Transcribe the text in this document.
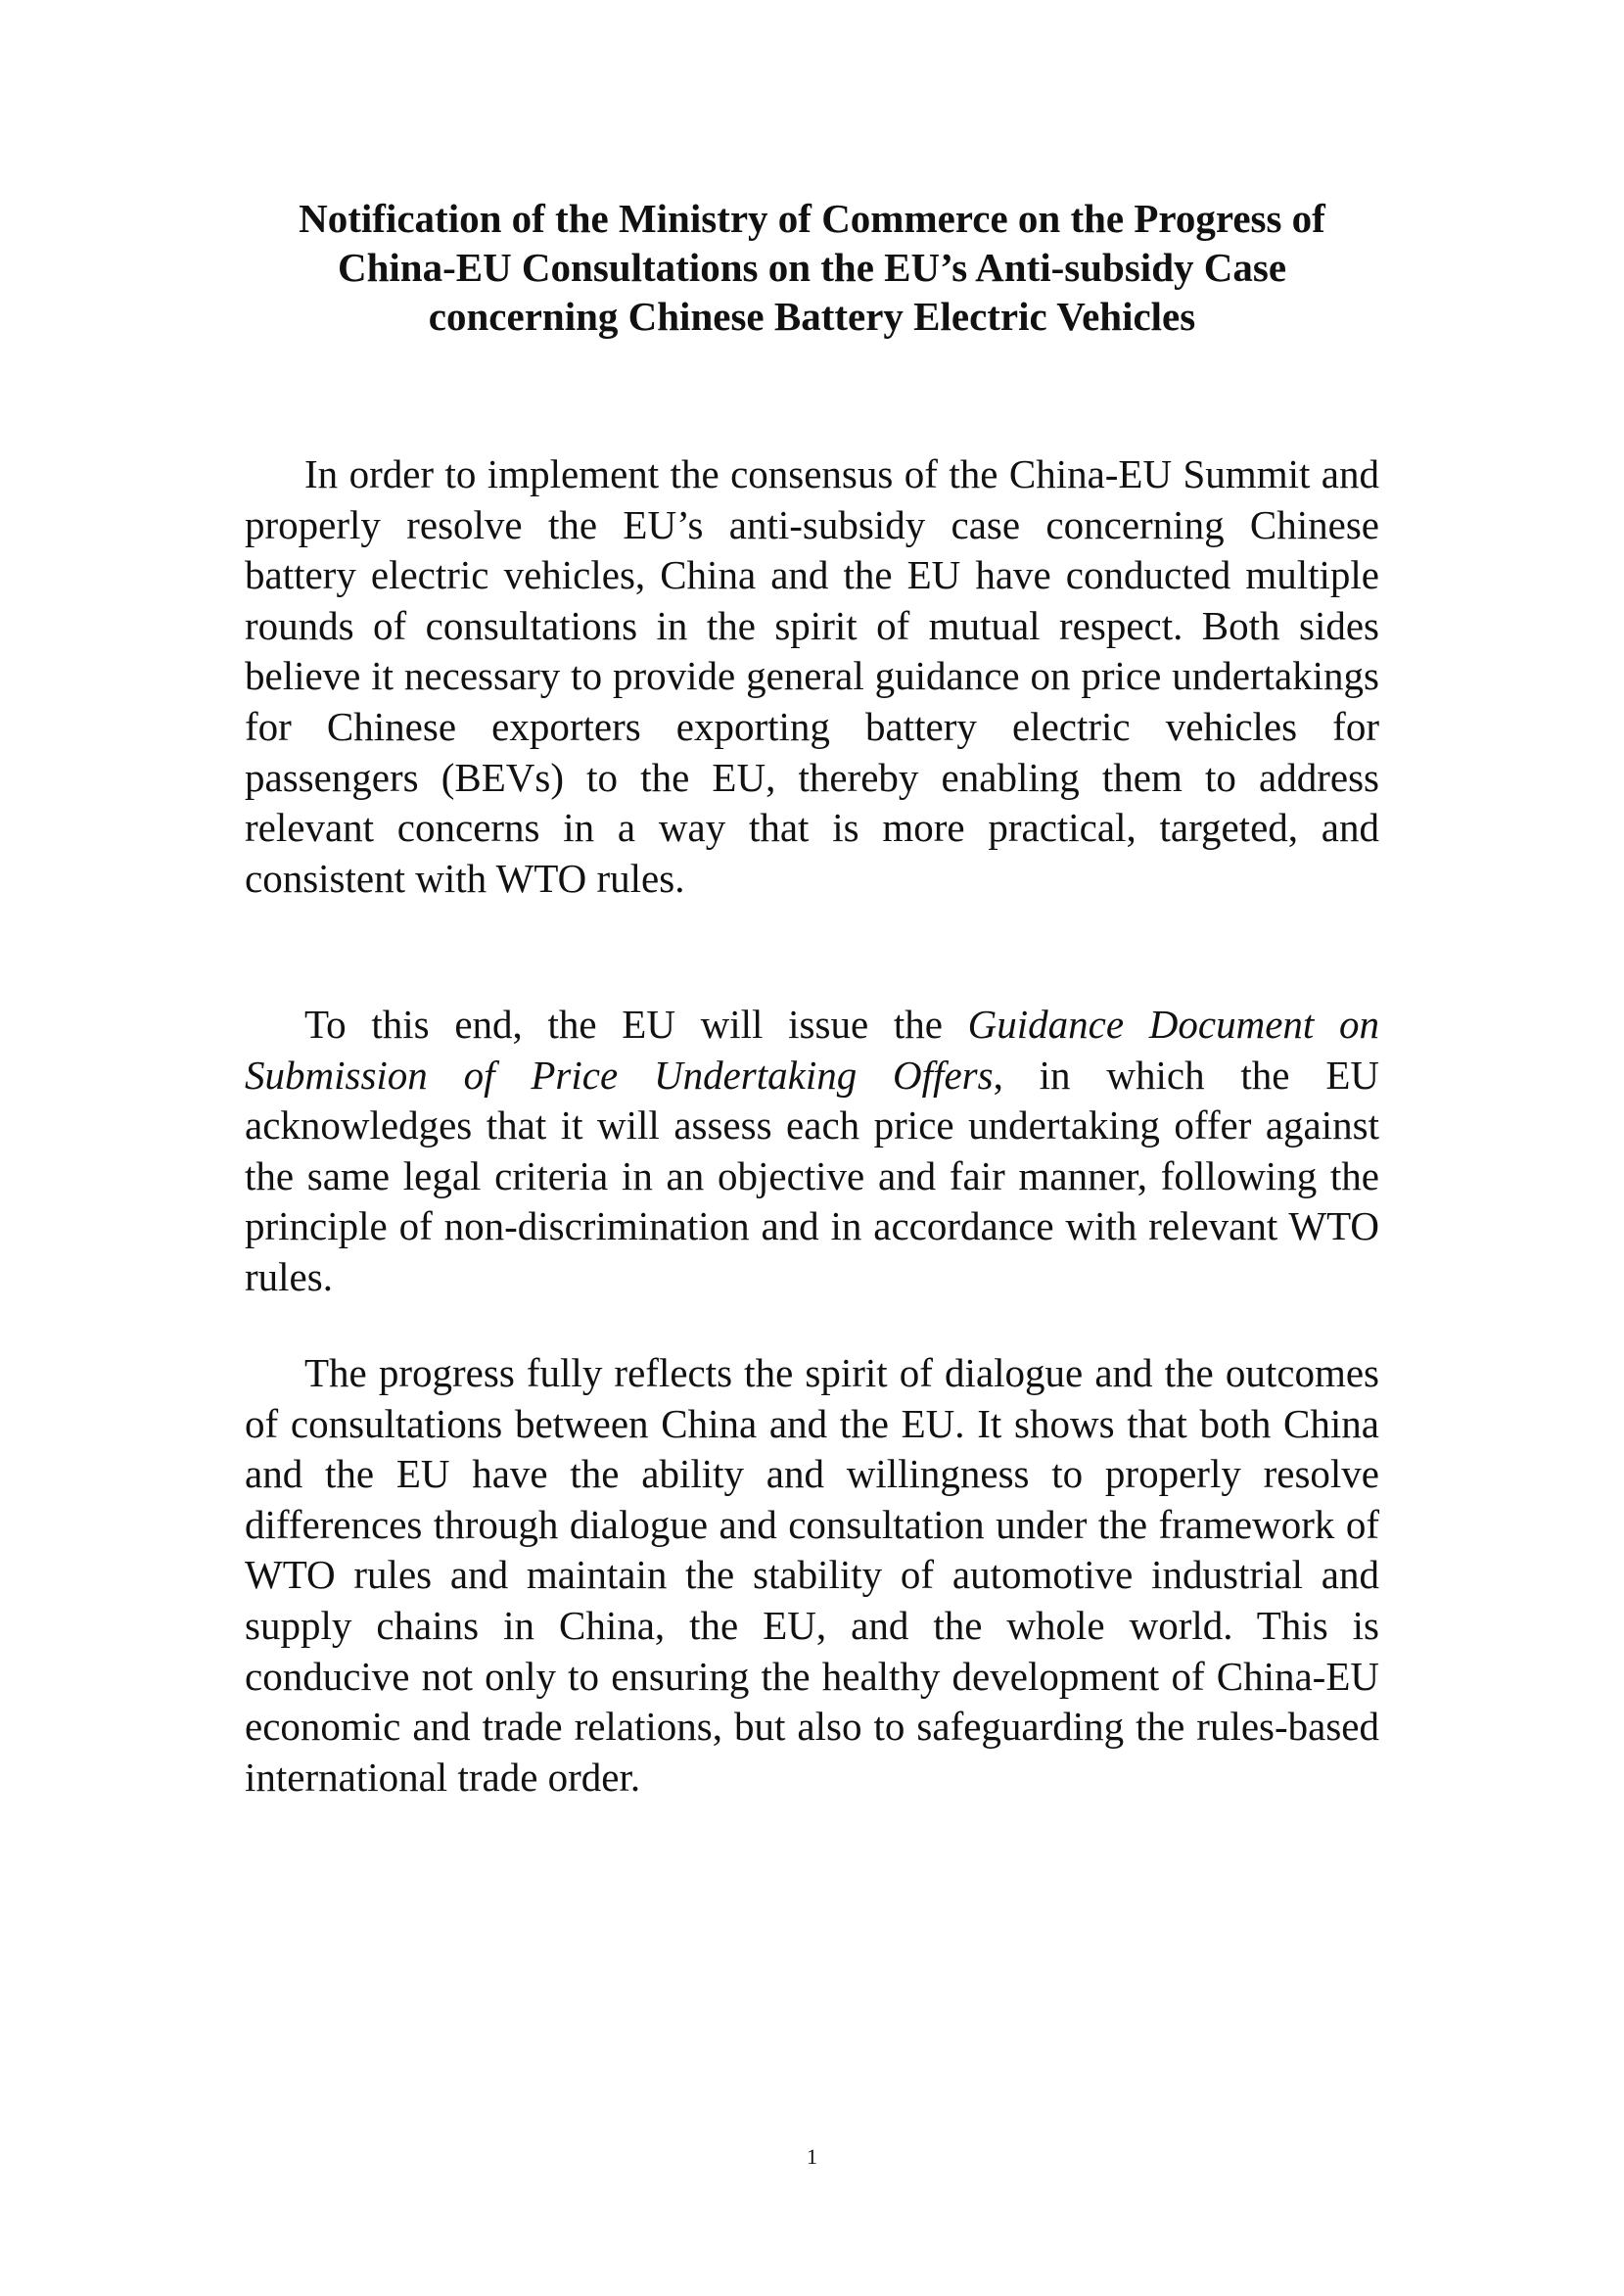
Notification of the Ministry of Commerce on the Progress of
China-EU Consultations on the EU’s Anti-subsidy Case
concerning Chinese Battery Electric Vehicles

In order to implement the consensus of the China-EU Summit and properly resolve the EU’s anti-subsidy case concerning Chinese battery electric vehicles, China and the EU have conducted multiple rounds of consultations in the spirit of mutual respect. Both sides believe it necessary to provide general guidance on price undertakings for Chinese exporters exporting battery electric vehicles for passengers (BEVs) to the EU, thereby enabling them to address relevant concerns in a way that is more practical, targeted, and consistent with WTO rules.

To this end, the EU will issue the Guidance Document on Submission of Price Undertaking Offers, in which the EU acknowledges that it will assess each price undertaking offer against the same legal criteria in an objective and fair manner, following the principle of non-discrimination and in accordance with relevant WTO rules.

The progress fully reflects the spirit of dialogue and the outcomes of consultations between China and the EU. It shows that both China and the EU have the ability and willingness to properly resolve differences through dialogue and consultation under the framework of WTO rules and maintain the stability of automotive industrial and supply chains in China, the EU, and the whole world. This is conducive not only to ensuring the healthy development of China-EU economic and trade relations, but also to safeguarding the rules-based international trade order.

1
